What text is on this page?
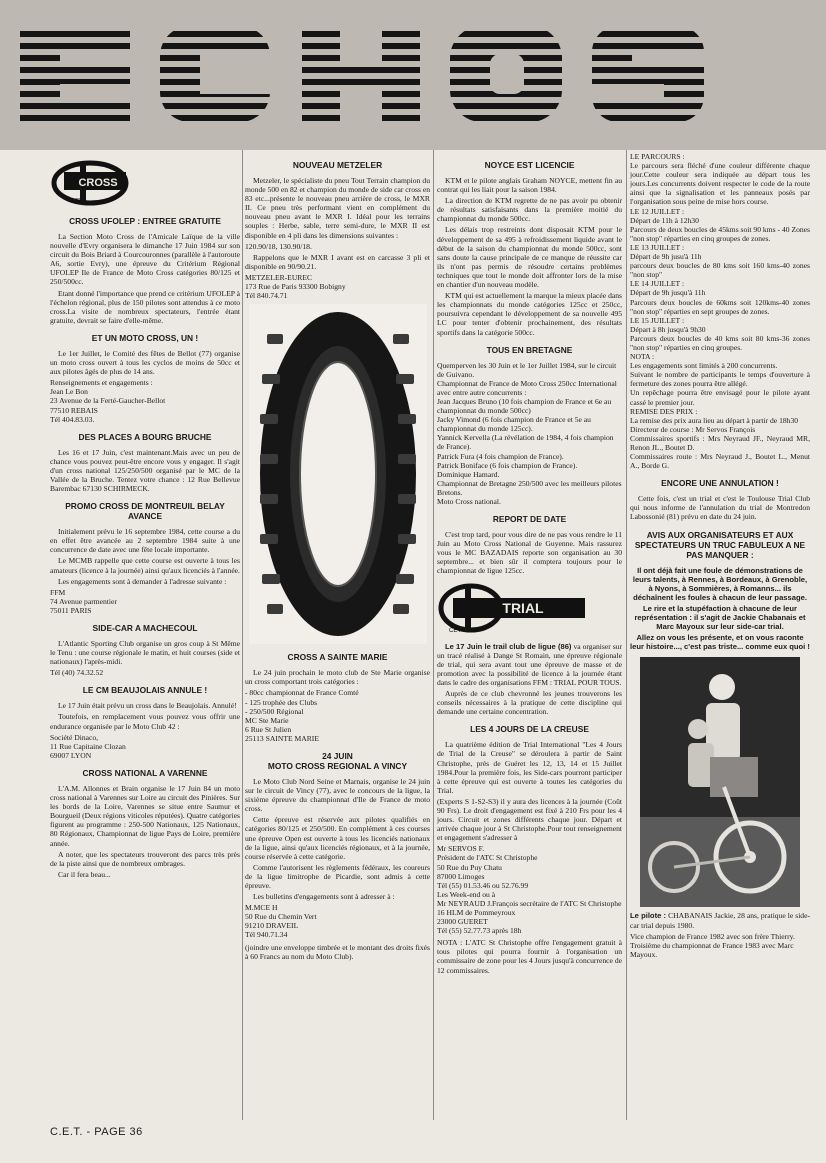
CROSS
CET
CROSS UFOLEP : ENTREE GRATUITE

La Section Moto Cross de l'Amicale Laïque de la ville nouvelle d'Evry organisera le dimanche 17 Juin 1984 sur son circuit du Bois Briard à Courcouronnes (parallèle à l'autoroute A6, sortie Evry), une épreuve du Critérium Régional UFOLEP Ile de France de Moto Cross catégories 80/125 et 250/500cc.

Etant donné l'importance que prend ce critérium UFOLEP à l'échelon régional, plus de 150 pilotes sont attendus à ce moto cross.La visite de nombreux spectateurs, l'entrée étant gratuite, devrait se faire d'elle-même.

ET UN MOTO CROSS, UN !

Le 1er Juillet, le Comité des fêtes de Bellot (77) organise un moto cross ouvert à tous les cyclos de moins de 50cc et aux pilotes âgés de plus de 14 ans.

Renseignements et engagements :
Jean Le Bon
23 Avenue de la Ferté-Gaucher-Bellot
77510 REBAIS
Tél 404.83.03.

DES PLACES A BOURG BRUCHE

Les 16 et 17 Juin, c'est maintenant.Mais avec un peu de chance vous pouvez peut-être encore vous y engager. Il s'agit d'un cross national 125/250/500 organisé par le MC de la Vallée de la Bruche. Tentez votre chance : 12 Rue Bellevue Barembac 67130 SCHIRMECK.

PROMO CROSS DE MONTREUIL BELAY AVANCE

Initialement prévu le 16 septembre 1984, cette course a du en effet être avancée au 2 septembre 1984 suite à une concurrence de date avec une fête locale importante.

Le MCMB rappelle que cette course est ouverte à tous les amateurs (licence à la journée) ainsi qu'aux licenciés à l'année.

Les engagements sont à demander à l'adresse suivante :

FFM
74 Avenue parmentier
75011 PARIS

SIDE-CAR A MACHECOUL

L'Atlantic Sporting Club organise un gros coup à St Même le Tenu : une course régionale le matin, et huit courses (side et nationaux) l'après-midi.

Tél (40) 74.32.52

LE CM BEAUJOLAIS ANNULE !

Le 17 Juin était prévu un cross dans le Beaujolais. Annulé!

Toutefois, en remplacement vous pouvez vous offrir une endurance organisée par le Moto Club 42 :

Société Dinaco,
11 Rue Capitaine Clozan
69007 LYON

CROSS NATIONAL A VARENNE

L'A.M. Allonnes et Brain organise le 17 Juin 84 un moto cross national à Varennes sur Loire au circuit des Pinières. Sur les bords de la Loire, Varennes se situe entre Saumur et Bourgueil (Deux régions viticoles réputées). Quatre catégories figurent au programme : 250-500 Nationaux, 125 Nationaux, 80 Régionaux, Championnat de ligue Pays de Loire, première année.

A noter, que les spectateurs trouveront des parcs très près de la piste ainsi que de nombreux ombrages.

Car il fera beau...

NOUVEAU METZELER

Metzeler, le spécialiste du pneu Tout Terrain champion du monde 500 en 82 et champion du monde de side car cross en 83 etc...présente le nouveau pneu arrière de cross, le MXR II. Ce pneu très performant vient en complément du nouveau pneu avant le MXR I. Idéal pour les terrains souples : Herbe, sable, terre semi-dure, le MXR II est disponible en 4 pli dans les dimensions suivantes :

120.90/18, 130.90/18.

Rappelons que le MXR I avant est en carcasse 3 pli et disponible en 90/90.21.

METZELER-EUREC
173 Rue de Paris 93300 Bobigny
Tél 840.74.71

CROSS A SAINTE MARIE

Le 24 juin prochain le moto club de Ste Marie organise un cross comportant trois catégories :

- 80cc championnat de France Comté
- 125 trophée des Clubs
- 250/500 Régional
MC Ste Marie
6 Rue St Julien
25113 SAINTE MARIE

24 JUIN
MOTO CROSS REGIONAL A VINCY

Le Moto Club Nord Seine et Marnais, organise le 24 juin sur le circuit de Vincy (77), avec le concours de la ligue, la sixième épreuve du championnat d'Ile de France de moto cross.

Cette épreuve est réservée aux pilotes qualifiés en catégories 80/125 et 250/500. En complément à ces courses une épreuve Open est ouverte à tous les licenciés nationaux de la ligue, ainsi qu'aux licenciés régionaux, et à la journée, course réservée à cette catégorie.

Comme l'autorisent les règlements fédéraux, les coureurs de la ligue limitrophe de Picardie, sont admis à cette épreuve.

Les bulletins d'engagements sont à adresser à :

M.MCE H
50 Rue du Chemin Vert
91210 DRAVEIL
Tél 940.71.34

(joindre une enveloppe timbrée et le montant des droits fixés à 60 Francs au nom du Moto Club).

NOYCE EST LICENCIE

KTM et le pilote anglais Graham NOYCE, mettent fin au contrat qui les liait pour la saison 1984.

La direction de KTM regrette de ne pas avoir pu obtenir de résultats satisfaisants dans la première moitié du championnat du monde 500cc.

Les délais trop restreints dont disposait KTM pour le développement de sa 495 à refroidissement liquide avant le début de la saison du championnat du monde 500cc, sont sans doute la cause principale de ce manque de réussite car ils n'ont pas permis de résoudre certains problèmes techniques que tout le monde doit affronter lors de la mise en chantier d'un nouveau modèle.

KTM qui est actuellement la marque la mieux placée dans les championnats du monde catégories 125cc et 250cc, poursuivra cependant le développement de sa nouvelle 495 LC pour tenter d'obtenir prochainement, des résultats sportifs dans la catégorie 500cc.

TOUS EN BRETAGNE

Quemperven les 30 Juin et le 1er Juillet 1984, sur le circuit de Guivano.
Championnat de France de Moto Cross 250cc International avec entre autre concurrents :
Jean Jacques Bruno (10 fois champion de France et 6e au championnat du monde 500cc)
Jacky Vimond (6 fois champion de France et 5e au championnat du monde 125cc).
Yannick Kervella (La révélation de 1984, 4 fois champion de France).
Patrick Fura (4 fois champion de France).
Patrick Boniface (6 fois champion de France).
Dominique Hamard.
Championnat de Bretagne 250/500 avec les meilleurs pilotes Bretons.
Moto Cross national.

REPORT DE DATE

C'est trop tard, pour vous dire de ne pas vous rendre le 11 Juin au Moto Cross National de Guyenne. Mais rassurez vous le MC BAZADAIS reporte son organisation au 30 septembre... et bien sûr il comptera toujours pour le championnat de ligue 125cc.

TRIAL
CET

Le 17 Juin le trail club de ligue (86) va organiser sur un tracé réalisé à Dange St Romain, une épreuve régionale de trial, qui sera avant tout une épreuve de masse et de promotion avec la possibilité de licence à la journée étant dans le cadre des organisations FFM : TRIAL POUR TOUS.

Auprès de ce club chevronné les jeunes trouverons les conseils nécessaires à la pratique de cette discipline qui demande une certaine concentration.

LES 4 JOURS DE LA CREUSE

La quatrième édition de Trial International "Les 4 Jours de Trial de la Creuse" se déroulera à partir de Saint Christophe, près de Guéret les 12, 13, 14 et 15 Juillet 1984.Pour la première fois, les Side-cars pourront participer à cette épreuve qui est ouverte à toutes les catégories du Trial.

(Experts S 1-S2-S3) il y aura des licences à la journée (Coût 90 Frs). Le droit d'engagement est fixé à 210 Frs pour les 4 jours. Circuit et zones différents chaque jour. Départ et arrivée chaque jour à St Christophe.Pour tout renseignement et engagement s'adresser à

Mr SERVOS F.
Président de l'ATC St Christophe
50 Rue du Puy Chatu
87000 Limoges
Tél (55) 01.53.46 ou 52.76.99
Les Week-end ou à
Mr NEYRAUD J.François secrétaire de l'ATC St Christophe
16 HLM de Pommeyroux
23000 GUERET
Tél (55) 52.77.73 après 18h

NOTA : L'ATC St Christophe offre l'engagement gratuit à tous pilotes qui pourra fournir à l'organisation un commissaire de zone pour les 4 Jours jusqu'à concurrence de 12 commissaires.

LE PARCOURS :
Le parcours sera fléché d'une couleur différente chaque jour.Cette couleur sera indiquée au départ tous les jours.Les concurrents doivent respecter le code de la route ainsi que la signalisation et les panneaux posés par l'organisation sous peine de mise hors course.
LE 12 JUILLET :
Départ de 11h à 12h30
Parcours de deux boucles de 45kms soit 90 kms - 40 Zones "non stop" réparties en cinq groupes de zones.
LE 13 JUILLET :
Départ de 9h jusu'à 11h
parcours deux boucles de 80 kms soit 160 kms-40 zones "non stop"
LE 14 JUILLET :
Départ de 9h jusqu'à 11h
Parcours deux boucles de 60kms soit 120kms-40 zones "non stop" réparties en sept groupes de zones.
LE 15 JUILLET :
Départ à 8h jusqu'à 9h30
Parcours deux boucles de 40 kms soit 80 kms-36 zones "non stop" réparties en cinq groupes.
NOTA :
Les engagements sont limités à 200 concurrents.
Suivant le nombre de participants le temps d'ouverture à fermeture des zones pourra être allégé.
Un repêchage pourra être envisagé pour le pilote ayant cassé le premier jour.
REMISE DES PRIX :
La remise des prix aura lieu au départ à partir de 18h30
Directeur de course : Mr Servos François
Commissaires sportifs : Mrs Neyraud JF., Neyraud MR, Renon JL., Boutet D.
Commissaires route : Mrs Neyraud J., Boutet L., Menut A., Borde G.

ENCORE UNE ANNULATION !

Cette fois, c'est un trial et c'est le Toulouse Trial Club qui nous informe de l'annulation du trial de Montredon Labossonié (81) prévu en date du 24 juin.

AVIS AUX ORGANISATEURS ET AUX SPECTATEURS UN TRUC FABULEUX A NE PAS MANQUER :

Il ont déjà fait une foule de démonstrations de leurs talents, à Rennes, à Bordeaux, à Grenoble, à Nyons, à Sommières, à Romanns... ils déchaînent les foules à chacun de leur passage.

Le rire et la stupéfaction à chacune de leur représentation : il s'agit de Jackie Chabanais et Marc Mayoux sur leur side-car trial.

Allez on vous les présente, et on vous raconte leur histoire..., c'est pas triste... comme eux quoi !

Le pilote : CHABANAIS Jackie, 28 ans, pratique le side-car trial depuis 1980.

Vice champion de France 1982 avec son frère Thierry.
Troisième du championnat de France 1983 avec Marc Mayoux.

C.E.T. - PAGE 36
